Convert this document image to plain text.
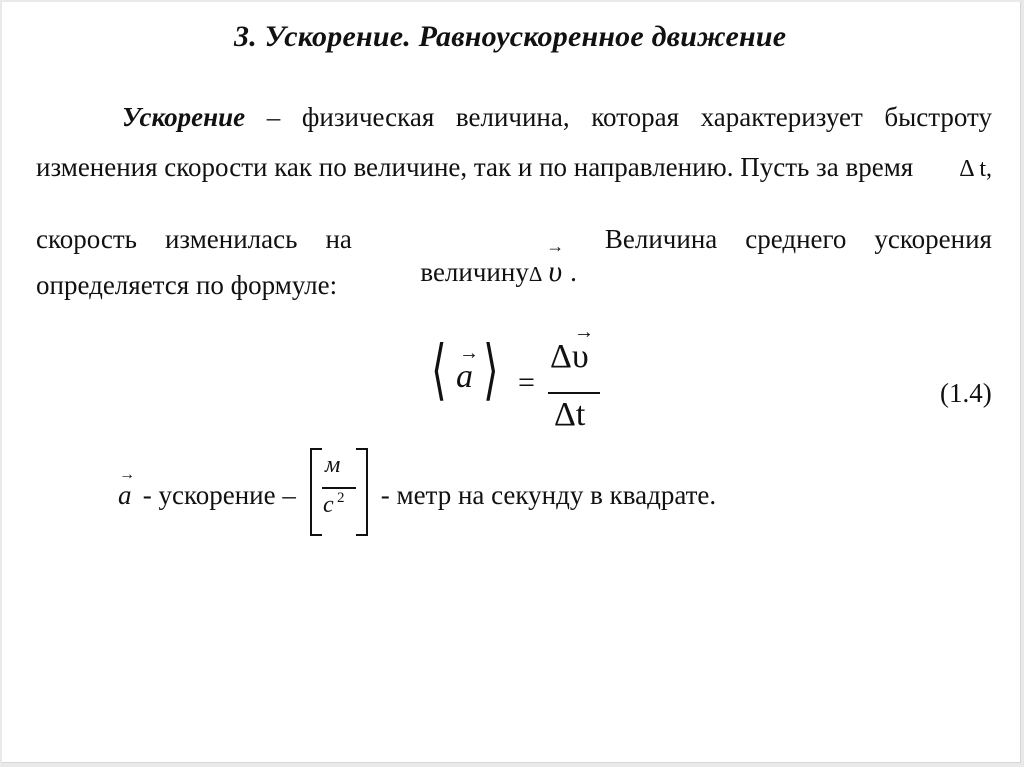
3. Ускорение. Равноускоренное движение
Ускорение – физическая величина, которая характеризует быстроту
изменения скорости как по величине, так и по направлению. Пусть за время Δ t,
скорость изменилась на

величинуΔ
→
υ .

Величина среднего ускорения
определяется по формуле:
⟨ →
a ⟩ =
→
Δυ
Δt
(1.4)
→
a - ускорение –
м
с 2 - метр на секунду в квадрате.
